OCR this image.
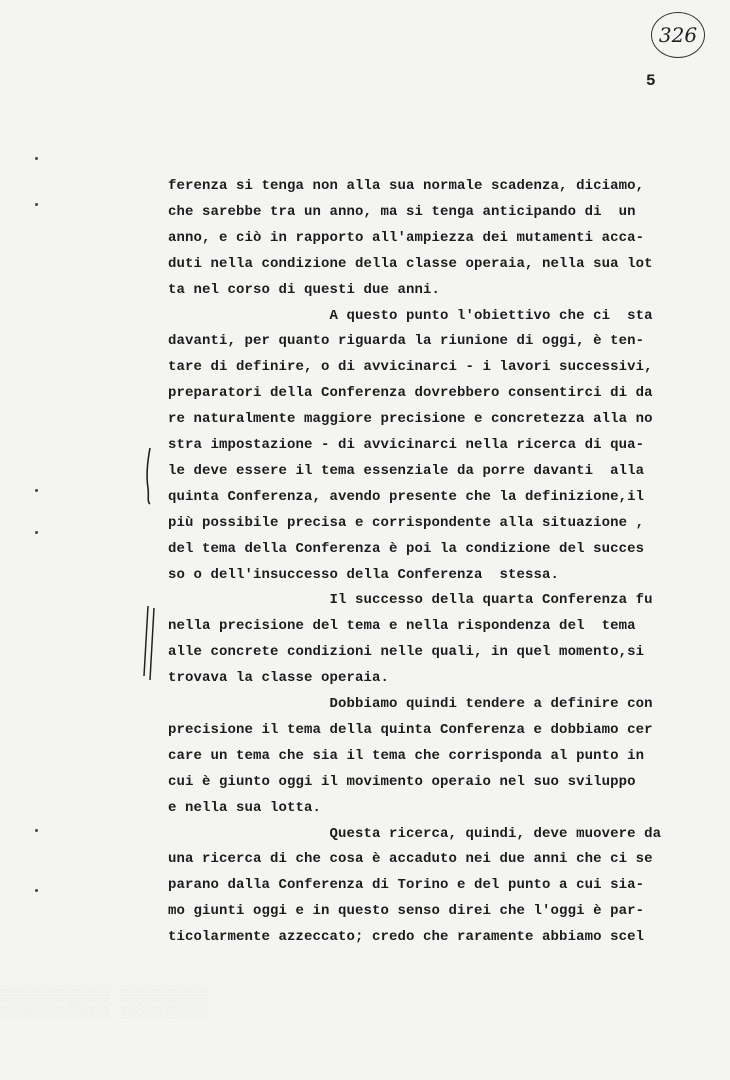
326
5
ferenza si tenga non alla sua normale scadenza, diciamo,
che sarebbe tra un anno, ma si tenga anticipando di  un
anno, e ciò in rapporto all'ampiezza dei mutamenti acca-
duti nella condizione della classe operaia, nella sua lot
ta nel corso di questi due anni.
A questo punto l'obiettivo che ci  sta
davanti, per quanto riguarda la riunione di oggi, è ten-
tare di definire, o di avvicinarci - i lavori successivi,
preparatori della Conferenza dovrebbero consentirci di da
re naturalmente maggiore precisione e concretezza alla no
stra impostazione - di avvicinarci nella ricerca di qua-
le deve essere il tema essenziale da porre davanti  alla
quinta Conferenza, avendo presente che la definizione,il
più possibile precisa e corrispondente alla situazione ,
del tema della Conferenza è poi la condizione del succes
so o dell'insuccesso della Conferenza  stessa.
Il successo della quarta Conferenza fu
nella precisione del tema e nella rispondenza del  tema
alle concrete condizioni nelle quali, in quel momento,si
trovava la classe operaia.
Dobbiamo quindi tendere a definire con
precisione il tema della quinta Conferenza e dobbiamo cer
care un tema che sia il tema che corrisponda al punto in
cui è giunto oggi il movimento operaio nel suo sviluppo
e nella sua lotta.
Questa ricerca, quindi, deve muovere da
una ricerca di che cosa è accaduto nei due anni che ci se
parano dalla Conferenza di Torino e del punto a cui sia-
mo giunti oggi e in questo senso direi che l'oggi è par-
ticolarmente azzeccato; credo che raramente abbiamo scel
▒▒▒▒▒ ▒▒▒▒
